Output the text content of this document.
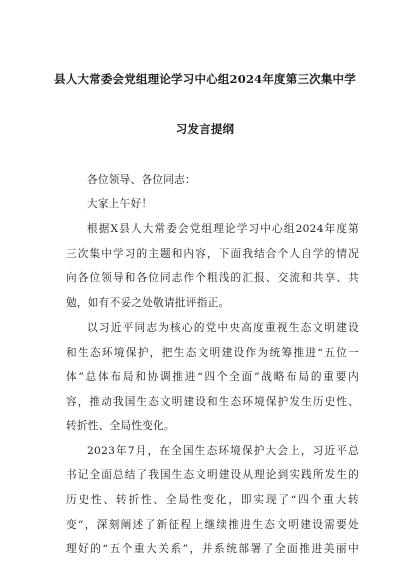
县人大常委会党组理论学习中心组2024年度第三次集中学
习发言提纲
各位领导、各位同志：
大家上午好！
根据X县人大常委会党组理论学习中心组2024年度第
三次集中学习的主题和内容，下面我结合个人自学的情况
向各位领导和各位同志作个粗浅的汇报、交流和共享、共
勉，如有不妥之处敬请批评指正。
以习近平同志为核心的党中央高度重视生态文明建设
和生态环境保护，把生态文明建设作为统筹推进“五位一
体”总体布局和协调推进“四个全面”战略布局的重要内
容，推动我国生态文明建设和生态环境保护发生历史性、
转折性、全局性变化。
2023年7月，在全国生态环境保护大会上，习近平总
书记全面总结了我国生态文明建设从理论到实践所发生的
历史性、转折性、全局性变化，即实现了“四个重大转
变”，深刻阐述了新征程上继续推进生态文明建设需要处
理好的“五个重大关系”，并系统部署了全面推进美丽中
